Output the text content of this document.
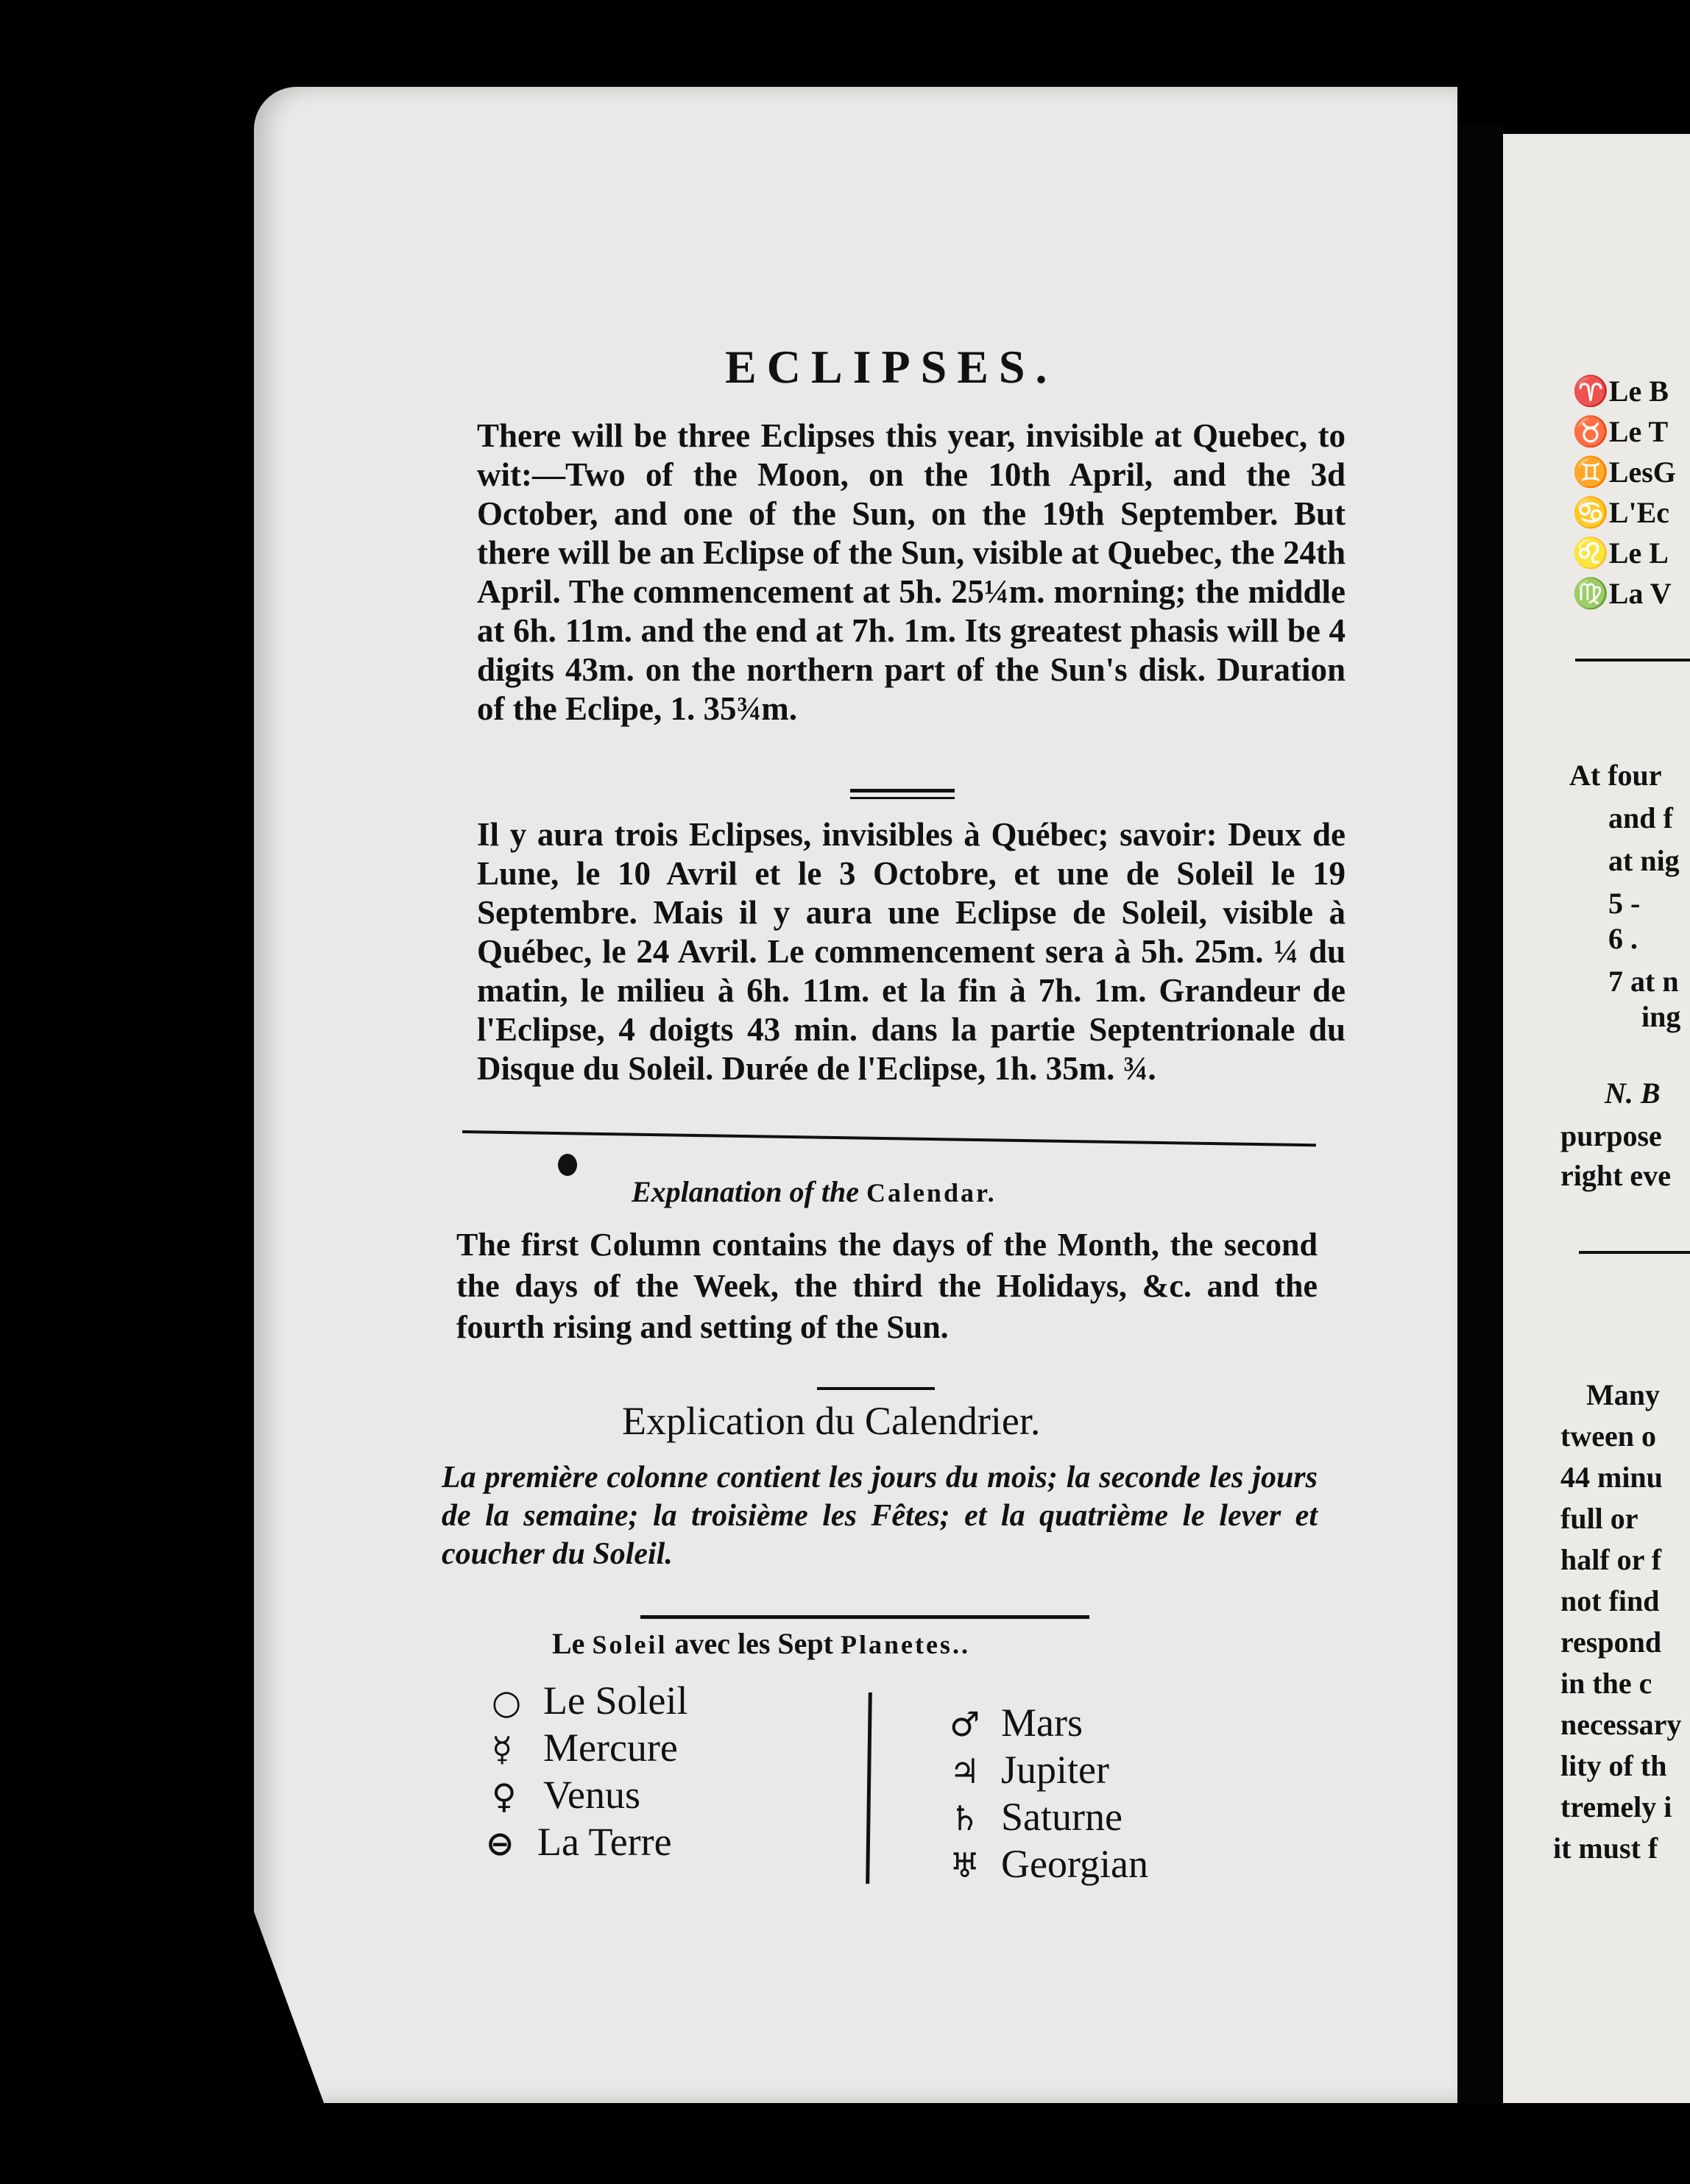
ECLIPSES.
There will be three Eclipses this year, invisible at Quebec, to wit:—Two of the Moon, on the 10th April, and the 3d October, and one of the Sun, on the 19th September. But there will be an Eclipse of the Sun, visible at Quebec, the 24th April. The commencement at 5h. 25¼m. morning; the middle at 6h. 11m. and the end at 7h. 1m. Its greatest phasis will be 4 digits 43m. on the northern part of the Sun's disk. Duration of the Eclipe, 1. 35¾m.
Il y aura trois Eclipses, invisibles à Québec; savoir: Deux de Lune, le 10 Avril et le 3 Octobre, et une de Soleil le 19 Septembre. Mais il y aura une Eclipse de Soleil, visible à Québec, le 24 Avril. Le commencement sera à 5h. 25m. ¼ du matin, le milieu à 6h. 11m. et la fin à 7h. 1m. Grandeur de l'Eclipse, 4 doigts 43 min. dans la partie Septentrionale du Disque du Soleil. Durée de l'Eclipse, 1h. 35m. ¾.
Explanation of the Calendar.
The first Column contains the days of the Month, the second the days of the Week, the third the Holidays, &c. and the fourth rising and setting of the Sun.
Explication du Calendrier.
La première colonne contient les jours du mois; la seconde les jours de la semaine; la troisième les Fêtes; et la quatrième le lever et coucher du Soleil.
Le Soleil avec les Sept Planetes..
○ Le Soleil
☿ Mercure
♀ Venus
⊖ La Terre
♂ Mars
♃ Jupiter
♄ Saturne
♅ Georgian
♈Le B
♉Le T
♊LesG
♋L'Ec
♌Le L
♍La V
At four
and f
at nig
5 -
6 .
7 at n
ing
N. B
purpose
right eve
Many
tween o
44 minu
full or
half or f
not find
respond
in the c
necessary
lity of th
tremely i
it must f
